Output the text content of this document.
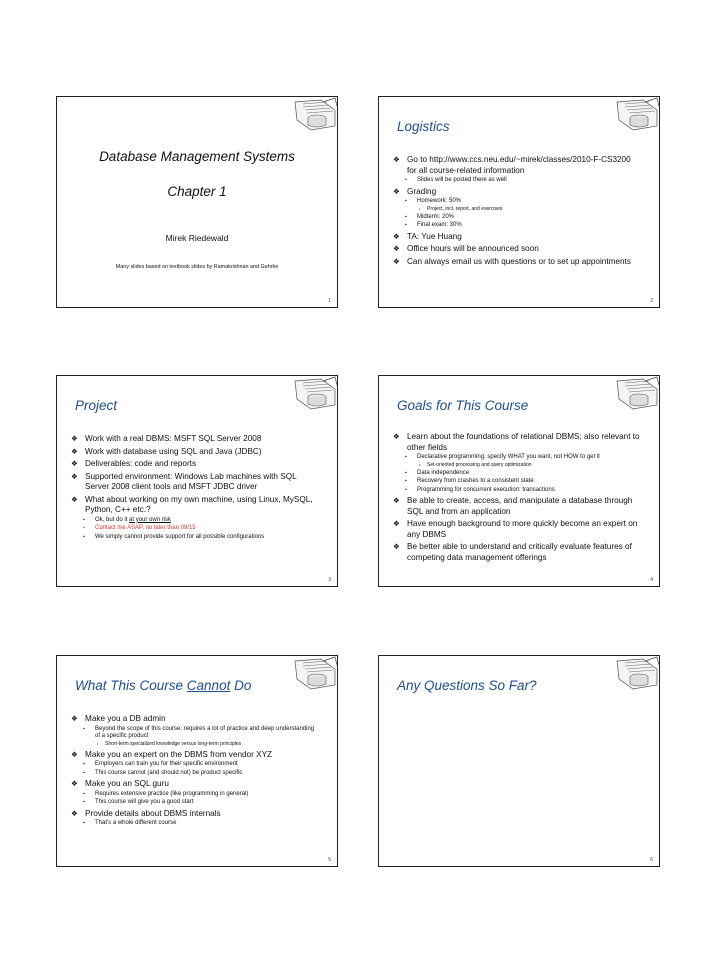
Database Management Systems
Chapter 1
Mirek Riedewald
Many slides based on textbook slides by Ramakrishnan and Gehrke
1
Logistics
❖ Go to http://www.ccs.neu.edu/~mirek/classes/2010-F-CS3200 for all course-related information
▪ Slides will be posted there as well
❖ Grading
▪ Homework: 50%
• Project, incl. report, and exercises
▪ Midterm: 20%
▪ Final exam: 30%
❖ TA: Yue Huang
❖ Office hours will be announced soon
❖ Can always email us with questions or to set up appointments
2
Project
❖ Work with a real DBMS: MSFT SQL Server 2008
❖ Work with database using SQL and Java (JDBC)
❖ Deliverables: code and reports
❖ Supported environment: Windows Lab machines with SQL Server 2008 client tools and MSFT JDBC driver
❖ What about working on my own machine, using Linux, MySQL, Python, C++ etc.?
▪ Ok, but do it at your own risk
▪ Contact me ASAP, no later than 09/15
▪ We simply cannot provide support for all possible configurations
3
Goals for This Course
❖ Learn about the foundations of relational DBMS; also relevant to other fields
▪ Declarative programming: specify WHAT you want, not HOW to get it
• Set-oriented processing and query optimization
▪ Data independence
▪ Recovery from crashes to a consistent state
▪ Programming for concurrent execution: transactions
❖ Be able to create, access, and manipulate a database through SQL and from an application
❖ Have enough background to more quickly become an expert on any DBMS
❖ Be better able to understand and critically evaluate features of competing data management offerings
4
What This Course Cannot Do
❖ Make you a DB admin
▪ Beyond the scope of this course: requires a lot of practice and deep understanding of a specific product
• Short-term specialized knowledge versus long-term principles
❖ Make you an expert on the DBMS from vendor XYZ
▪ Employers can train you for their specific environment
▪ This course cannot (and should not) be product specific
❖ Make you an SQL guru
▪ Requires extensive practice (like programming in general)
▪ This course will give you a good start
❖ Provide details about DBMS internals
▪ That's a whole different course
5
Any Questions So Far?
6
